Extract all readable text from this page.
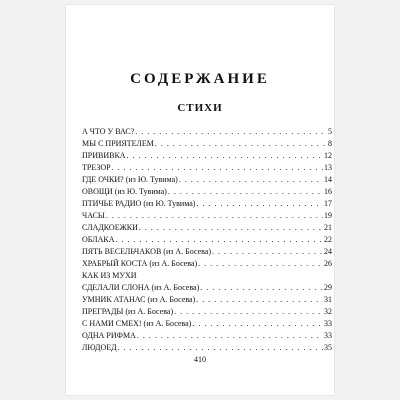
СОДЕРЖАНИЕ
СТИХИ
А ЧТО У ВАС? . . .	5
МЫ С ПРИЯТЕЛЕМ . . .	8
ПРИВИВКА . . .	12
ТРЕЗОР . . .	13
ГДЕ ОЧКИ? (из Ю. Тувима) . . .	14
ОВОЩИ (из Ю. Тувима) . . .	16
ПТИЧЬЕ РАДИО (из Ю. Тувима) . . .	17
ЧАСЫ . . .	19
СЛАДКОЕЖКИ . . .	21
ОБЛАКА . . .	22
ПЯТЬ ВЕСЕЛЬЧАКОВ (из А. Босева) . . .	24
ХРАБРЫЙ КОСТА (из А. Босева) . . .	26
КАК ИЗ МУХИ
СДЕЛАЛИ СЛОНА (из А. Босева) . . .	29
УМНИК АТАНАС (из А. Босева) . . .	31
ПРЕГРАДЫ (из А. Босева) . . .	32
С НАМИ СМЕХ! (из А. Босева) . . .	33
ОДНА РИФМА . . .	33
ЛЮДОЕД . . .	35
410
